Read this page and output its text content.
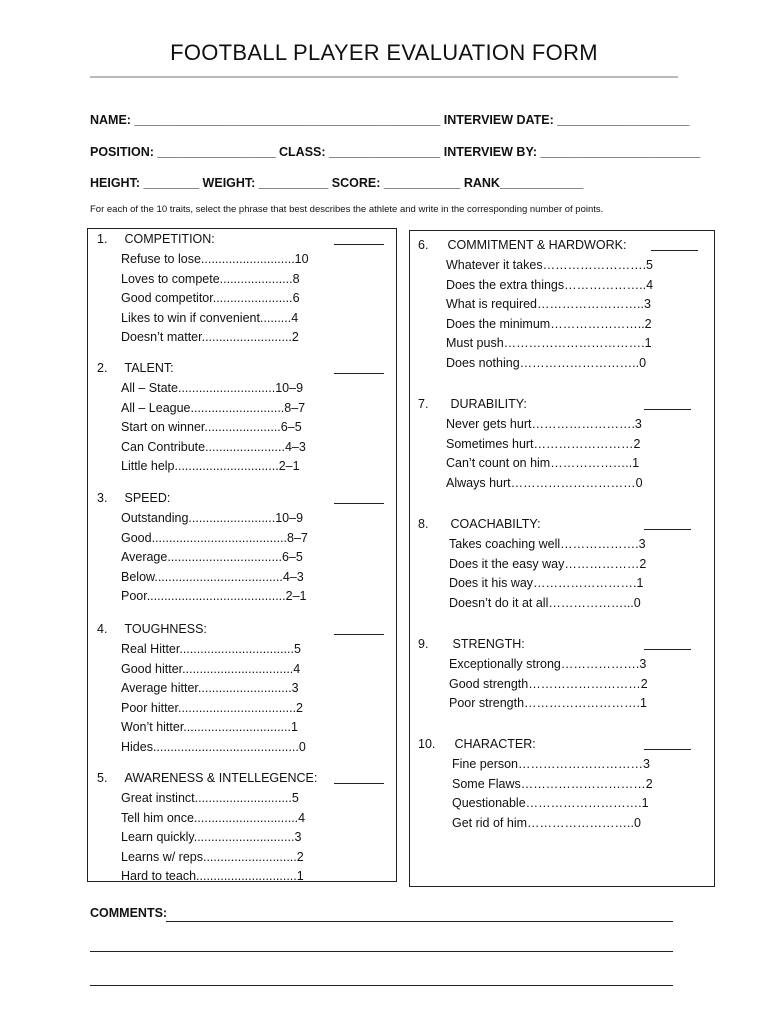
FOOTBALL PLAYER EVALUATION FORM
NAME: ____________________________________________ INTERVIEW DATE: ___________________
POSITION: _________________ CLASS: ________________ INTERVIEW BY: _______________________
HEIGHT: ________ WEIGHT: __________ SCORE: ___________ RANK____________
For each of the 10 traits, select the phrase that best describes the athlete and write in the corresponding number of points.
1. COMPETITION:
Refuse to lose...........................10
Loves to compete.....................8
Good competitor.......................6
Likes to win if convenient.........4
Doesn’t matter..........................2
2. TALENT:
All – State............................10–9
All – League...........................8–7
Start on winner......................6–5
Can Contribute.......................4–3
Little help..............................2–1
3. SPEED:
Outstanding.........................10–9
Good.......................................8–7
Average.................................6–5
Below.....................................4–3
Poor........................................2–1
4. TOUGHNESS:
Real Hitter.................................5
Good hitter................................4
Average hitter...........................3
Poor hitter..................................2
Won’t hitter...............................1
Hides..........................................0
5. AWARENESS & INTELLEGENCE:
Great instinct............................5
Tell him once..............................4
Learn quickly.............................3
Learns w/ reps...........................2
Hard to teach.............................1
6. COMMITMENT & HARDWORK:
Whatever it takes…………………….5
Does the extra things………………..4
What is required……………………..3
Does the minimum…………………..2
Must push…………………………….1
Does nothing………………………..0
7. DURABILITY:
Never gets hurt…………………….3
Sometimes hurt……………………2
Can’t count on him………………..1
Always hurt…………………………0
8. COACHABILTY:
Takes coaching well……………….3
Does it the easy way………………2
Does it his way…………………….1
Doesn’t do it at all………………...0
9. STRENGTH:
Exceptionally strong……………….3
Good strength………………………2
Poor strength……………………….1
10. CHARACTER:
Fine person…………………………3
Some Flaws…………………………2
Questionable……………………….1
Get rid of him……………………..0
COMMENTS:
